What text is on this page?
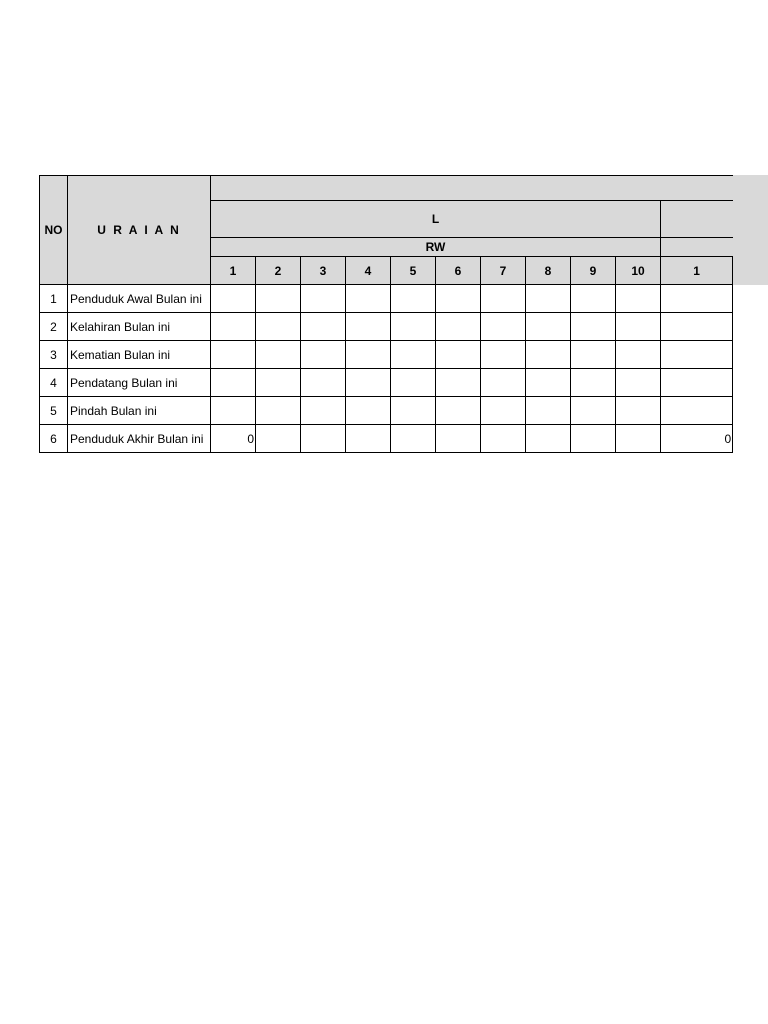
NO	U R A I A N											
		L										
		RW										
		1	2	3	4	5	6	7	8	9	10	1
1	Penduduk Awal Bulan ini											
2	Kelahiran Bulan ini											
3	Kematian Bulan ini											
4	Pendatang Bulan ini											
5	Pindah Bulan ini											
6	Penduduk Akhir Bulan ini	0										0
